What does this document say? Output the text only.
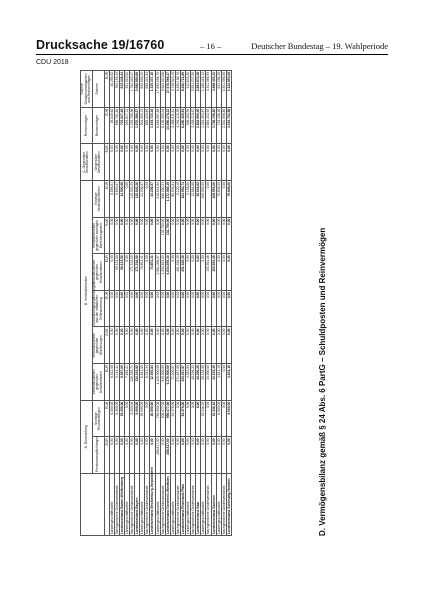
Drucksache 19/16760	– 16 –	Deutscher Bundestag – 19. Wahlperiode
CDU 2018
	A. Rückstellung		B. Verbindlichkeiten						C. Gegenüber Gesellschaften	Reinvermögen	Summe Gesamtschuldposten und Reinvermögen
	Pensionsverpflichtungen	Sonstige Rückstellungen	Verbindlichkeiten gegenüber Kreditinstituten	Verbindlichkeiten gegenüber Gliederungen	Rückzahlungsverpflichtungen aus der staatlichen Teilfinanzierung	Verbindlichkeiten gegenüber Kreditinstituten	Verbindlichkeiten gegenüber sonstigen Darlehensgebern	Sonstige Verbindlichkeiten	Gegenüber Gesellschaften	Reinvermögen	Summe
	EUR	EUR	EUR	EUR	EUR	EUR	EUR	EUR	EUR	EUR	EUR
Landesgeschäftsstelle	0,00	6.000,00	6.512,59	0,00	0,00	0,00	0,00	8.896,81	0,00	26.845,62	48.255,02
Nachgeordnete Gebietsverbände	0,00	9.450,00	3.144,41	0,00	0,00	50.123,50	0,00	5.693,87	0,00	696.781,64	765.193,42
Landesverband Baden-Württemberg	0,00	15.450,00	9.657,00	0,00	0,00	50.123,50	0,00	14.590,68	0,00	723.627,26	813.448,44
Landesgeschäftsstelle	0,00	0,00	7.893,21	0,00	0,00	0,00	0,00	0,00	0,00	293.617,31	301.510,52
Nachgeordnete Gebietsverbände	0,00	5.000,00	126.350,71	0,00	0,00	171.318,50	0,00	115.002,20	0,00	1.376.768,96	1.794.440,37
Landesverband Bayern	0,00	5.000,00	134.243,92	0,00	0,00	171.318,50	0,00	115.002,20	0,00	1.670.386,27	2.095.950,89
Landesgeschäftsstelle	0,00	20.000,00	6.541,50	0,00	0,00	74.851,41	0,00	24.208,57	0,00	504.293,74	629.895,22
Nachgeordnete Gebietsverbände	0,00	0,00	6.012,34	0,00	0,00	0,00	0,00	0,00	0,00	689.429,60	695.441,94
Landesverband Mecklenburg-Vorpommern	0,00	20.000,00	12.553,84	0,00	0,00	74.851,41	0,00	24.208,57	0,00	1.193.723,34	1.325.337,16
Landesgeschäftsstelle	458.817,00	750.000,00	4.430.000,00	0,00	0,00	3.581.006,07	0,00	315.834,84	0,00	8.459.997,88	17.995.655,79
Nachgeordnete Gebietsverbände	0,00	209.477,00	940.500,00	0,00	0,00	1.253.653,03	132.750,00	856.250,31	0,00	6.190.280,34	9.582.910,68
Landesverband Nordrhein-Westfalen	458.817,00	959.477,00	5.370.500,00	0,00	0,00	4.834.659,10	132.750,00	1.172.085,15	0,00	14.650.278,22	27.578.566,47
Landesgeschäftsstelle	0,00	91.376,00	71.400,97	0,00	0,00	0,00	0,00	96.534,61	0,00	3.486.211,61	3.745.523,19
Nachgeordnete Gebietsverbände	0,00	0,00	271.637,00	0,00	0,00	451.326,30	0,00	8.120,10	0,00	4.764.115,30	5.495.198,70
Landesverband Rheinland-Pfalz	0,00	91.376,00	343.037,97	0,00	0,00	451.326,30	0,00	104.654,71	0,00	8.250.326,91	9.240.721,89
Landesgeschäftsstelle	0,00	0,00	4.023,93	0,00	0,00	0,00	0,00	2.158,82	0,00	306.450,53	312.633,28
Nachgeordnete Gebietsverbände	0,00	0,00	40.236,33	0,00	0,00	0,00	0,00	12.884,80	0,00	2.498.115,87	2.551.237,00
Landesverband Saar	0,00	0,00	44.260,26	0,00	0,00	0,00	0,00	15.043,62	0,00	2.804.566,40	2.863.870,28
Landesgeschäftsstelle	0,00	32.346,10	20.153,35	0,00	0,00	0,00	0,00	109.553,00	0,00	1.024.363,67	1.186.416,12
Nachgeordnete Gebietsverbände	0,00	0,00	24.000,00	0,00	0,00	103.554,46	0,00	0,00	0,00	2.684.432,53	2.811.986,99
Landesverband Sachsen	0,00	32.346,10	44.153,35	0,00	0,00	103.554,46	0,00	109.553,00	0,00	3.708.796,20	3.998.403,11
Landesgeschäftsstelle	0,00	6.000,00	4.641,10	0,00	0,00	0,00	0,00	79.609,00	0,00	733.106,18	823.356,28
Nachgeordnete Gebietsverbände	0,00	0,00	0,00	0,00	0,00	0,00	0,00	0,00	0,00	2.301.596,80	2.301.596,80
Landesverband Schleswig-Holstein	0,00	6.000,00	4.641,10	0,00	0,00	0,00	0,00	79.609,00	0,00	3.034.702,98	3.124.953,08
D. Vermögensbilanz gemäß § 24 Abs. 6 PartG – Schuldposten und Reinvermögen
